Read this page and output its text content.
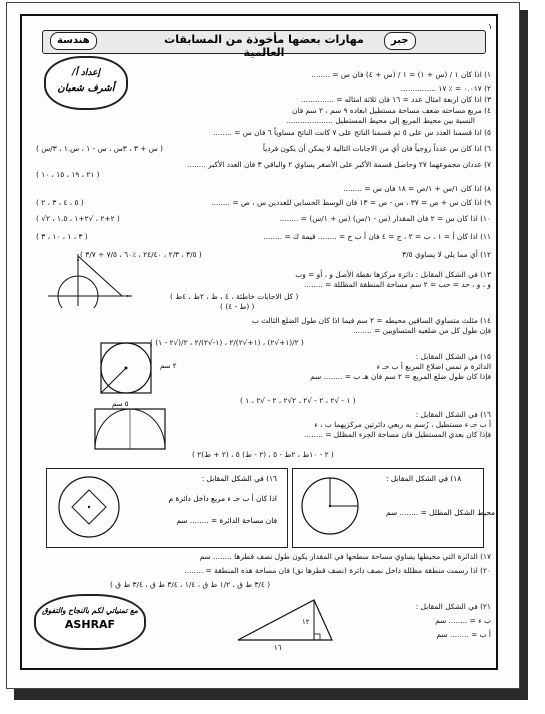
مهارات بعضها مأخوذة من المسابقات العالمية
جبر
هندسة
١
إعداد أ/
أشرف شعبان
١) اذا كان ١ / (س + ١) = ١ / (س + ٤) فان س = ........
٢) ٠.٠١٧ = ٪ ١٧ ...............
٣) اذا كان اربعة امثال عدد = ١٦ فان ثلاثة امثاله = ..............
٤) مربع مساحته ضعف مساحة مستطيل ابعاده ٩ سم ، ٢ سم فان
النسبة بين محيط المربع إلى محيط المستطيل ....................
٥) اذا قسمنا العدد س على ٥ ثم قسمنا الناتج على ٧ كانت الناتج مساوياً ٦ فان س = ........
٦) اذا كان س عدداً زوجياً فان أي من الاجابات التالية لا يمكن أن يكون فردياً
( س + ٣ ، ٣س ، س - ١ ، س.١ ، ٣/س )
٧) عددان مجموعهما ٢٧ وحاصل قسمة الأكبر على الأصغر يساوي ٢ والباقي ٣ فان العدد الأكبر ........
( ٢١ ، ١٩ ، ١٥ ، ١٠ )
٨) اذا كان ١/س + ١/ص = ١٨ فان س = ........
٩) اذا كان س + ص = ٣٧ ، س - ص = ١٣ فان الوسط الحسابي للعددين س ، ص = ........
( ٥ ، ٤ ، ٣ ، ٢ )
١٠) اذا كان س = ٢ فان المقدار (س - ١/س) (س + ١/س) = ........
( √٢+٢ ، √٢+١ ، ١.٥ ، ٢ )
١١) اذا كان أ = ١ ، ب = ٢ ، ج = ٤ فان أ ب ج = ........ قيمة ك = ........
( ٣ ، ١ ، ١٠ ، ٣ )
١٢) أي مما يلي لا يساوي ٣/٥
( ٣/٥ ، ٢/٣ ، ٢٤/٤٠ ، ٪٦٠ ، ٧/٥ ÷ ٣/٧ )
١٣) في الشكل المقابل : دائرة مركزها نقطة الأصل و ، أو = وب
و ، و ، حد = حب = ٢ سم مساحة المنطقة المظللة = ........
( كل الاجابات خاطئة ، ٤ ، ط ، ٢ط ، ٤ط )
( (ط - ٤) )
١٤) مثلث متساوي الساقين محيطه = ٢ سم فيما اذا كان طول الضلع الثالث ب
فإن طول كل من ضلعيه المتساويين = ........
( ٢/(١+√٢) ، (١+√٢)/٢ ، (١-√٢)/٢ ، ٢/(√٢ - ١) )
٢ سم
١٥) في الشكل المقابل :
الدائرة م تمس اضلاع المربع أ ب حـ ء
فإذا كان طول ضلع المربع = ٢ سم فان هـ ب = ........ سم
( ١ - √٢ ، ٢ - √٢ ، ٢√٢ ، ٢ - √٢ ، ١ )
٥ سم
١٦) في الشكل المقابل :
أ ب حـ ء مستطيل ، رُسم به ربعي دائرتين مركزيهما ب ، ء
فإذا كان بعدي المستطيل فان مساحة الجزء المظلل = ........
( ٢ - ١٠ط ، ٢ط - ٥ ، (٢ - ط) ٥ ، (٢ + ط)٢ )
١٦) في الشكل المقابل :
اذا كان أ ب حـ ء مربع داخل دائرة م
فان مساحة الدائرة = ........ سم
١٨) في الشكل المقابل :
محيط الشكل المظلل = ........ سم
١٧) الدائرة التي محيطها يساوي مساحة سطحها في المقدار يكون طول نصف قطرها ........ سم
٢٠) اذا رسمت منطقة مظللة داخل نصف دائرة (نصف قطرها نق) فان مساحة هذه المنطقة = ........
( ٣/٤ ط ق ، ١/٢ ط ق ، ١/٤ ، ٣/٤ ط ق ، ٣/٤ ط ق )
مع تمنياتي لكم بالنجاح والتفوق
ASHRAF	١٢
١٦
٢١) في الشكل المقابل :
ب ء = ........ سم
أ ب = ........ سم
